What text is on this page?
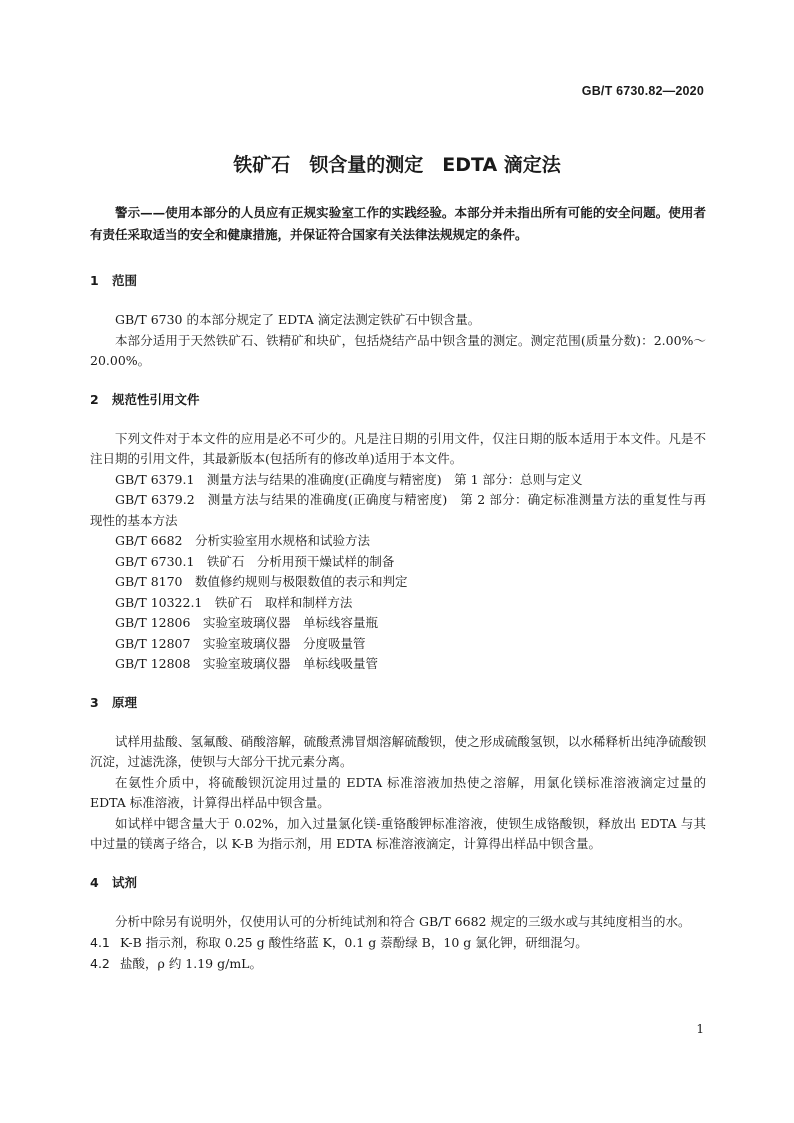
GB/T 6730.82—2020
铁矿石　钡含量的测定　EDTA 滴定法

警示——使用本部分的人员应有正规实验室工作的实践经验。本部分并未指出所有可能的安全问题。使用者有责任采取适当的安全和健康措施，并保证符合国家有关法律法规规定的条件。

1 范围

GB/T 6730 的本部分规定了 EDTA 滴定法测定铁矿石中钡含量。

本部分适用于天然铁矿石、铁精矿和块矿，包括烧结产品中钡含量的测定。测定范围(质量分数)：2.00%～20.00%。

2 规范性引用文件

下列文件对于本文件的应用是必不可少的。凡是注日期的引用文件，仅注日期的版本适用于本文件。凡是不注日期的引用文件，其最新版本(包括所有的修改单)适用于本文件。

GB/T 6379.1　测量方法与结果的准确度(正确度与精密度)　第 1 部分：总则与定义

GB/T 6379.2　测量方法与结果的准确度(正确度与精密度)　第 2 部分：确定标准测量方法的重复性与再现性的基本方法

GB/T 6682　分析实验室用水规格和试验方法

GB/T 6730.1　铁矿石　分析用预干燥试样的制备

GB/T 8170　数值修约规则与极限数值的表示和判定

GB/T 10322.1　铁矿石　取样和制样方法

GB/T 12806　实验室玻璃仪器　单标线容量瓶

GB/T 12807　实验室玻璃仪器　分度吸量管

GB/T 12808　实验室玻璃仪器　单标线吸量管

3 原理

试样用盐酸、氢氟酸、硝酸溶解，硫酸煮沸冒烟溶解硫酸钡，使之形成硫酸氢钡，以水稀释析出纯净硫酸钡沉淀，过滤洗涤，使钡与大部分干扰元素分离。

在氨性介质中，将硫酸钡沉淀用过量的 EDTA 标准溶液加热使之溶解，用氯化镁标准溶液滴定过量的 EDTA 标准溶液，计算得出样品中钡含量。

如试样中锶含量大于 0.02%，加入过量氯化镁-重铬酸钾标准溶液，使钡生成铬酸钡，释放出 EDTA 与其中过量的镁离子络合，以 K-B 为指示剂，用 EDTA 标准溶液滴定，计算得出样品中钡含量。

4 试剂

分析中除另有说明外，仅使用认可的分析纯试剂和符合 GB/T 6682 规定的三级水或与其纯度相当的水。

4.1 K-B 指示剂，称取 0.25 g 酸性络蓝 K，0.1 g 萘酚绿 B，10 g 氯化钾，研细混匀。

4.2 盐酸，ρ 约 1.19 g/mL。

1
